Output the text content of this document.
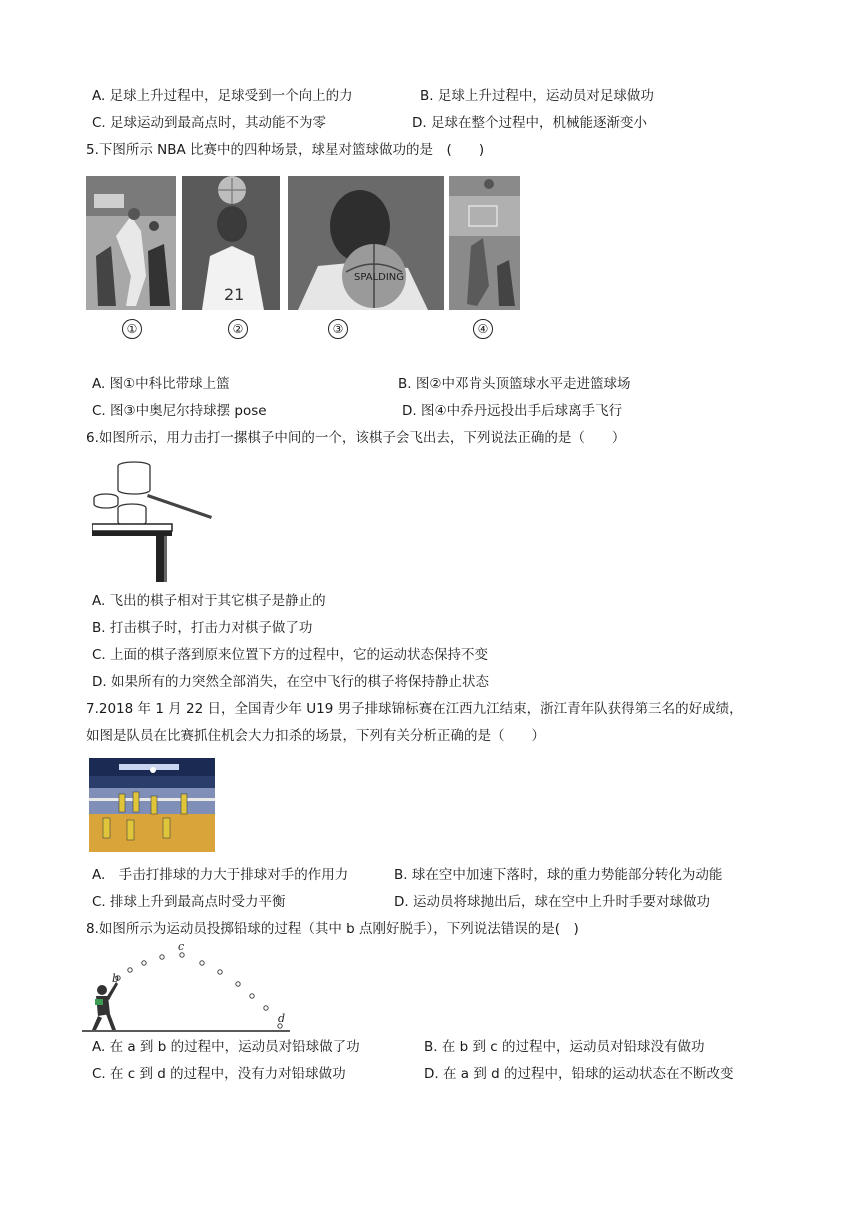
A. 足球上升过程中，足球受到一个向上的力	B. 足球上升过程中，运动员对足球做功
C. 足球运动到最高点时，其动能不为零	D. 足球在整个过程中，机械能逐渐变小
5.下图所示 NBA 比赛中的四种场景，球星对篮球做功的是　(　　)
21
SPALDING
①	②	③	④
A. 图①中科比带球上篮	B. 图②中邓肯头顶篮球水平走进篮球场
C. 图③中奥尼尔持球摆 pose	D. 图④中乔丹远投出手后球离手飞行
6.如图所示，用力击打一摞棋子中间的一个，该棋子会飞出去，下列说法正确的是（　　）
A. 飞出的棋子相对于其它棋子是静止的
B. 打击棋子时，打击力对棋子做了功
C. 上面的棋子落到原来位置下方的过程中，它的运动状态保持不变
D. 如果所有的力突然全部消失，在空中飞行的棋子将保持静止状态
7.2018 年 1 月 22 日，全国青少年 U19 男子排球锦标赛在江西九江结束，浙江青年队获得第三名的好成绩，
如图是队员在比赛抓住机会大力扣杀的场景，下列有关分析正确的是（　　）
A.　手击打排球的力大于排球对手的作用力	B. 球在空中加速下落时，球的重力势能部分转化为动能
C. 排球上升到最高点时受力平衡	D. 运动员将球抛出后，球在空中上升时手要对球做功
8.如图所示为运动员投掷铅球的过程（其中 b 点刚好脱手），下列说法错误的是(　)
b
c
d
A. 在 a 到 b 的过程中，运动员对铅球做了功	B. 在 b 到 c 的过程中，运动员对铅球没有做功
C. 在 c 到 d 的过程中，没有力对铅球做功	D. 在 a 到 d 的过程中，铅球的运动状态在不断改变
